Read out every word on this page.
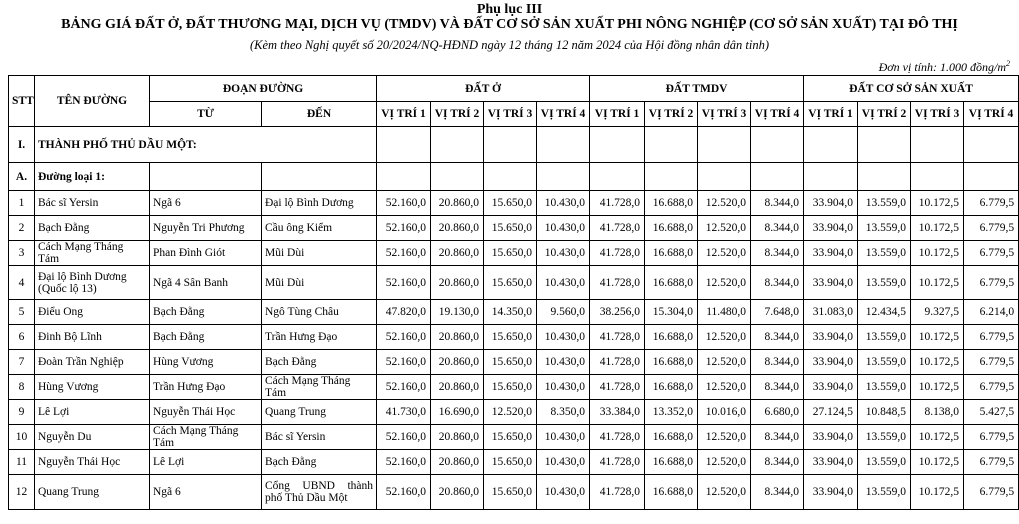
Phụ lục III
BẢNG GIÁ ĐẤT Ở, ĐẤT THƯƠNG MẠI, DỊCH VỤ (TMDV) VÀ ĐẤT CƠ SỞ SẢN XUẤT PHI NÔNG NGHIỆP (CƠ SỞ SẢN XUẤT) TẠI ĐÔ THỊ
(Kèm theo Nghị quyết số 20/2024/NQ-HĐND ngày 12 tháng 12 năm 2024 của Hội đồng nhân dân tỉnh)
Đơn vị tính: 1.000 đồng/$m^2$
STT	TÊN ĐƯỜNG	ĐOẠN ĐƯỜNG		ĐẤT Ở				ĐẤT TMDV				ĐẤT CƠ SỞ SẢN XUẤT			
		TỪ	ĐẾN	VỊ TRÍ 1	VỊ TRÍ 2	VỊ TRÍ 3	VỊ TRÍ 4	VỊ TRÍ 1	VỊ TRÍ 2	VỊ TRÍ 3	VỊ TRÍ 4	VỊ TRÍ 1	VỊ TRÍ 2	VỊ TRÍ 3	VỊ TRÍ 4
I.	THÀNH PHỐ THỦ DẦU MỘT:														
A.	Đường loại 1:														
1	Bác sĩ Yersin	Ngã 6	Đại lộ Bình Dương	52.160,0	20.860,0	15.650,0	10.430,0	41.728,0	16.688,0	12.520,0	8.344,0	33.904,0	13.559,0	10.172,5	6.779,5
2	Bạch Đằng	Nguyễn Tri Phương	Cầu ông Kiểm	52.160,0	20.860,0	15.650,0	10.430,0	41.728,0	16.688,0	12.520,0	8.344,0	33.904,0	13.559,0	10.172,5	6.779,5
3	Cách Mạng Tháng Tám	Phan Đình Giót	Mũi Dùi	52.160,0	20.860,0	15.650,0	10.430,0	41.728,0	16.688,0	12.520,0	8.344,0	33.904,0	13.559,0	10.172,5	6.779,5
4	Đại lộ Bình Dương (Quốc lộ 13)	Ngã 4 Sân Banh	Mũi Dùi	52.160,0	20.860,0	15.650,0	10.430,0	41.728,0	16.688,0	12.520,0	8.344,0	33.904,0	13.559,0	10.172,5	6.779,5
5	Điểu Ong	Bạch Đằng	Ngô Tùng Châu	47.820,0	19.130,0	14.350,0	9.560,0	38.256,0	15.304,0	11.480,0	7.648,0	31.083,0	12.434,5	9.327,5	6.214,0
6	Đinh Bộ Lĩnh	Bạch Đằng	Trần Hưng Đạo	52.160,0	20.860,0	15.650,0	10.430,0	41.728,0	16.688,0	12.520,0	8.344,0	33.904,0	13.559,0	10.172,5	6.779,5
7	Đoàn Trần Nghiệp	Hùng Vương	Bạch Đằng	52.160,0	20.860,0	15.650,0	10.430,0	41.728,0	16.688,0	12.520,0	8.344,0	33.904,0	13.559,0	10.172,5	6.779,5
8	Hùng Vương	Trần Hưng Đạo	Cách Mạng Tháng Tám	52.160,0	20.860,0	15.650,0	10.430,0	41.728,0	16.688,0	12.520,0	8.344,0	33.904,0	13.559,0	10.172,5	6.779,5
9	Lê Lợi	Nguyễn Thái Học	Quang Trung	41.730,0	16.690,0	12.520,0	8.350,0	33.384,0	13.352,0	10.016,0	6.680,0	27.124,5	10.848,5	8.138,0	5.427,5
10	Nguyễn Du	Cách Mạng Tháng Tám	Bác sĩ Yersin	52.160,0	20.860,0	15.650,0	10.430,0	41.728,0	16.688,0	12.520,0	8.344,0	33.904,0	13.559,0	10.172,5	6.779,5
11	Nguyễn Thái Học	Lê Lợi	Bạch Đằng	52.160,0	20.860,0	15.650,0	10.430,0	41.728,0	16.688,0	12.520,0	8.344,0	33.904,0	13.559,0	10.172,5	6.779,5
12	Quang Trung	Ngã 6	Cổng UBND thành phố Thủ Dầu Một	52.160,0	20.860,0	15.650,0	10.430,0	41.728,0	16.688,0	12.520,0	8.344,0	33.904,0	13.559,0	10.172,5	6.779,5
